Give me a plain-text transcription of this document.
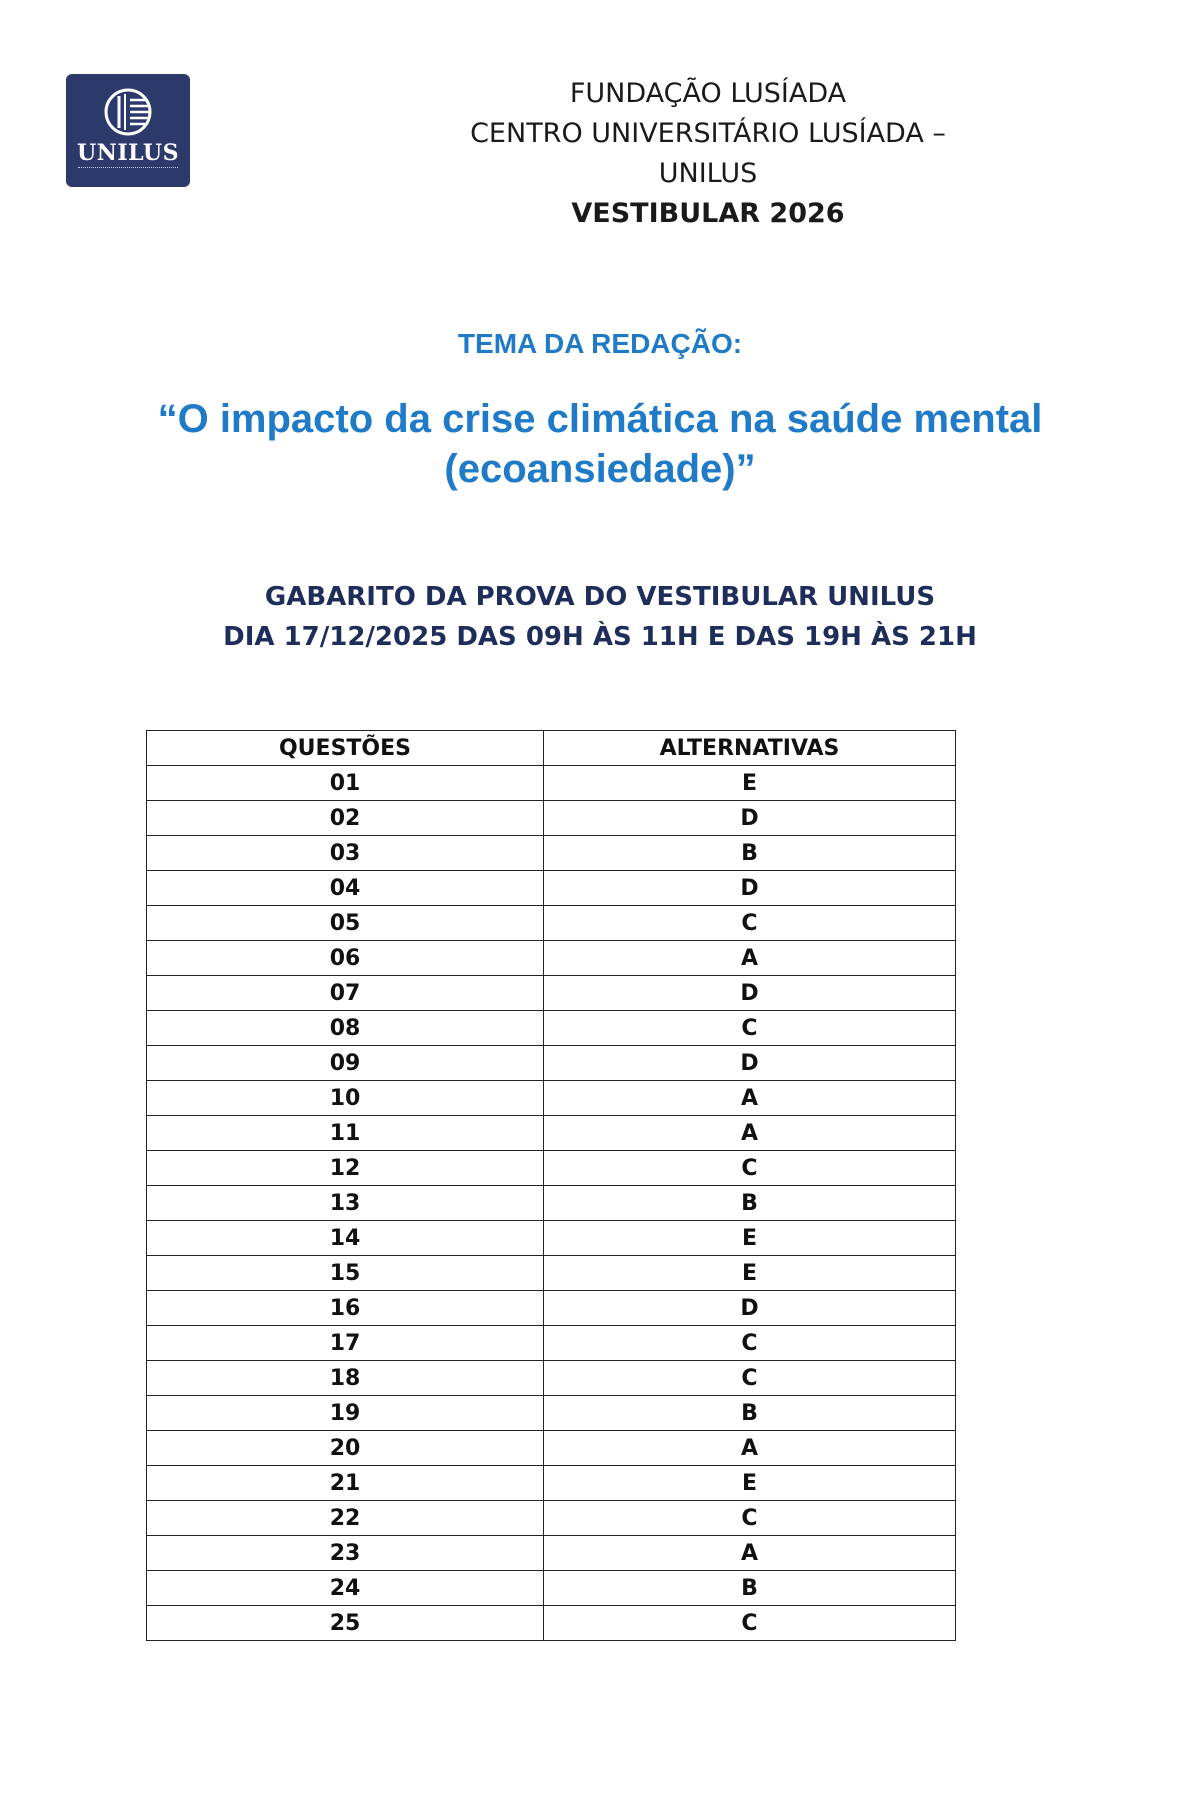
UNILUS
FUNDAÇÃO LUSÍADA
CENTRO UNIVERSITÁRIO LUSÍADA – UNILUS
VESTIBULAR 2026
TEMA DA REDAÇÃO:
“O impacto da crise climática na saúde mental
(ecoansiedade)”
GABARITO DA PROVA DO VESTIBULAR UNILUS
DIA 17/12/2025 DAS 09H ÀS 11H E DAS 19H ÀS 21H
QUESTÕES	ALTERNATIVAS
01	E
02	D
03	B
04	D
05	C
06	A
07	D
08	C
09	D
10	A
11	A
12	C
13	B
14	E
15	E
16	D
17	C
18	C
19	B
20	A
21	E
22	C
23	A
24	B
25	C
